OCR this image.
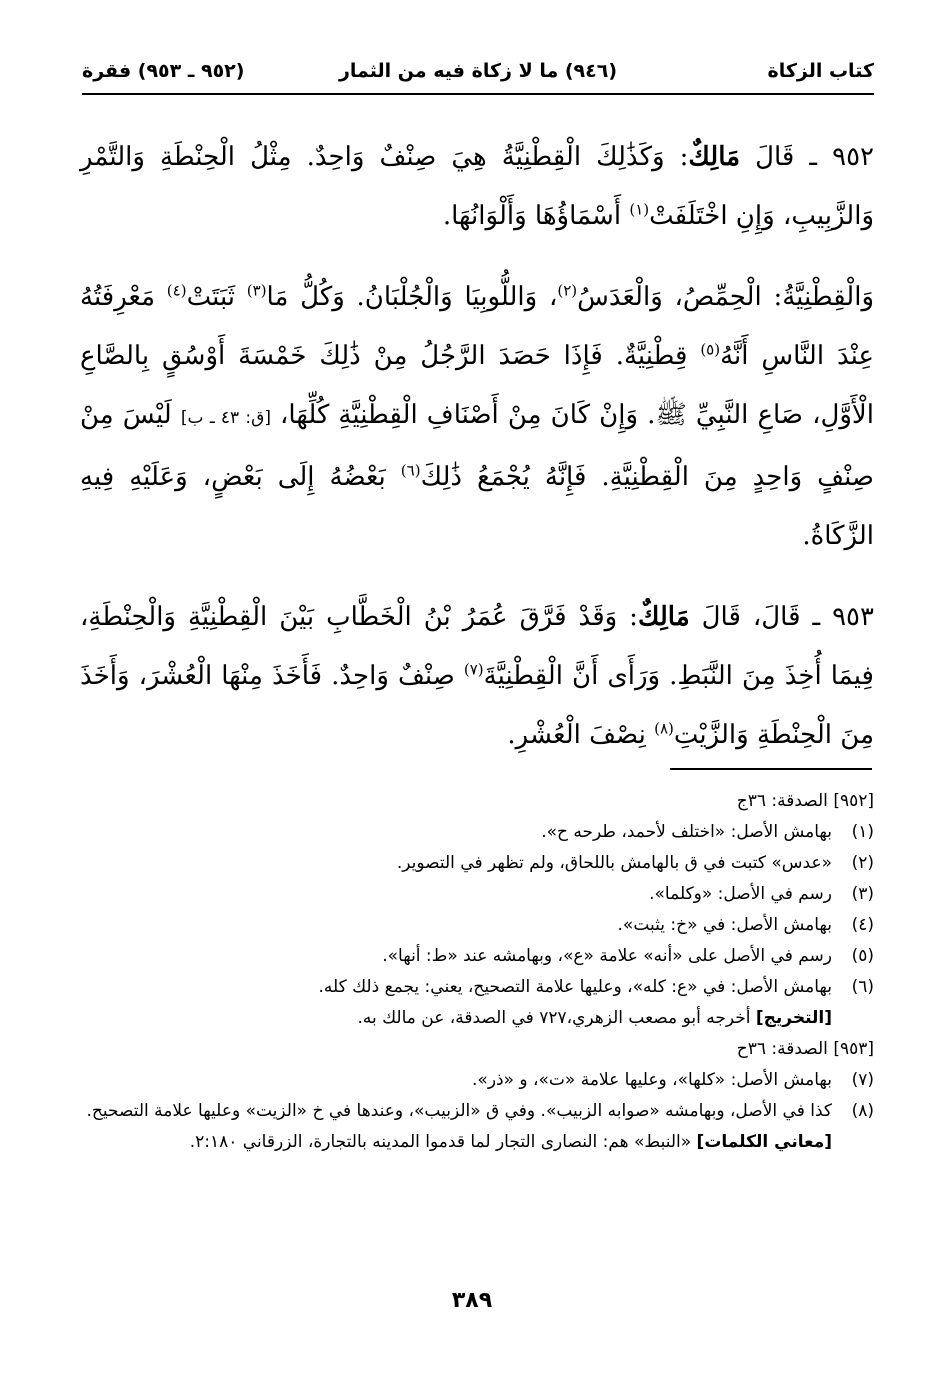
كتاب الزكاة
(٩٤٦) ما لا زكاة فيه من الثمار
(٩٥٢ ـ ٩٥٣) فقرة

٩٥٢ ـ قَالَ مَالِكٌ: وَكَذَٰلِكَ الْقِطْنِيَّةُ هِيَ صِنْفٌ وَاحِدٌ. مِثْلُ الْحِنْطَةِ وَالتَّمْرِ وَالزَّبِيبِ، وَإِنِ اخْتَلَفَتْ$^{(١)}$ أَسْمَاؤُهَا وَأَلْوَانُهَا.

وَالْقِطْنِيَّةُ: الْحِمِّصُ، وَالْعَدَسُ$^{(٢)}$، وَاللُّوبِيَا وَالْجُلْبَانُ. وَكُلُّ مَا$^{(٣)}$ ثَبَتَتْ$^{(٤)}$ مَعْرِفَتُهُ عِنْدَ النَّاسِ أَنَّهُ$^{(٥)}$ قِطْنِيَّةٌ. فَإِذَا حَصَدَ الرَّجُلُ مِنْ ذَٰلِكَ خَمْسَةَ أَوْسُقٍ بِالصَّاعِ الْأَوَّلِ، صَاعِ النَّبِيِّ ﷺ. وَإِنْ كَانَ مِنْ أَصْنَافِ الْقِطْنِيَّةِ كُلِّهَا، [ق: ٤٣ ـ ب] لَيْسَ مِنْ صِنْفٍ وَاحِدٍ مِنَ الْقِطْنِيَّةِ. فَإِنَّهُ يُجْمَعُ ذَٰلِكَ$^{(٦)}$ بَعْضُهُ إِلَى بَعْضٍ، وَعَلَيْهِ فِيهِ الزَّكَاةُ.

٩٥٣ ـ قَالَ، قَالَ مَالِكٌ: وَقَدْ فَرَّقَ عُمَرُ بْنُ الْخَطَّابِ بَيْنَ الْقِطْنِيَّةِ وَالْحِنْطَةِ، فِيمَا أُخِذَ مِنَ النَّبَطِ. وَرَأَى أَنَّ الْقِطْنِيَّةَ$^{(٧)}$ صِنْفٌ وَاحِدٌ. فَأَخَذَ مِنْهَا الْعُشْرَ، وَأَخَذَ مِنَ الْحِنْطَةِ وَالزَّيْتِ$^{(٨)}$ نِصْفَ الْعُشْرِ.

[٩٥٢] الصدقة: ٣٦ج

(١)
بهامش الأصل: «اختلف لأحمد، طرحه ح».

(٢)
«عدس» كتبت في ق بالهامش باللحاق، ولم تظهر في التصوير.

(٣)
رسم في الأصل: «وكلما».

(٤)
بهامش الأصل: في «خ: يثبت».

(٥)
رسم في الأصل على «أنه» علامة «ع»، وبهامشه عند «ط: أنها».

(٦)
بهامش الأصل: في «ع: كله»، وعليها علامة التصحيح، يعني: يجمع ذلك كله.

[التخريج] أخرجه أبو مصعب الزهري،٧٢٧ في الصدقة، عن مالك به.

[٩٥٣] الصدقة: ٣٦ح

(٧)
بهامش الأصل: «كلها»، وعليها علامة «ت»، و «ذر».

(٨)
كذا في الأصل، وبهامشه «صوابه الزبيب». وفي ق «الزبيب»، وعندها في خ «الزيت» وعليها علامة التصحيح.

[معاني الكلمات] «النبط» هم: النصارى التجار لما قدموا المدينه بالتجارة، الزرقاني ٢:١٨٠.

٣٨٩
